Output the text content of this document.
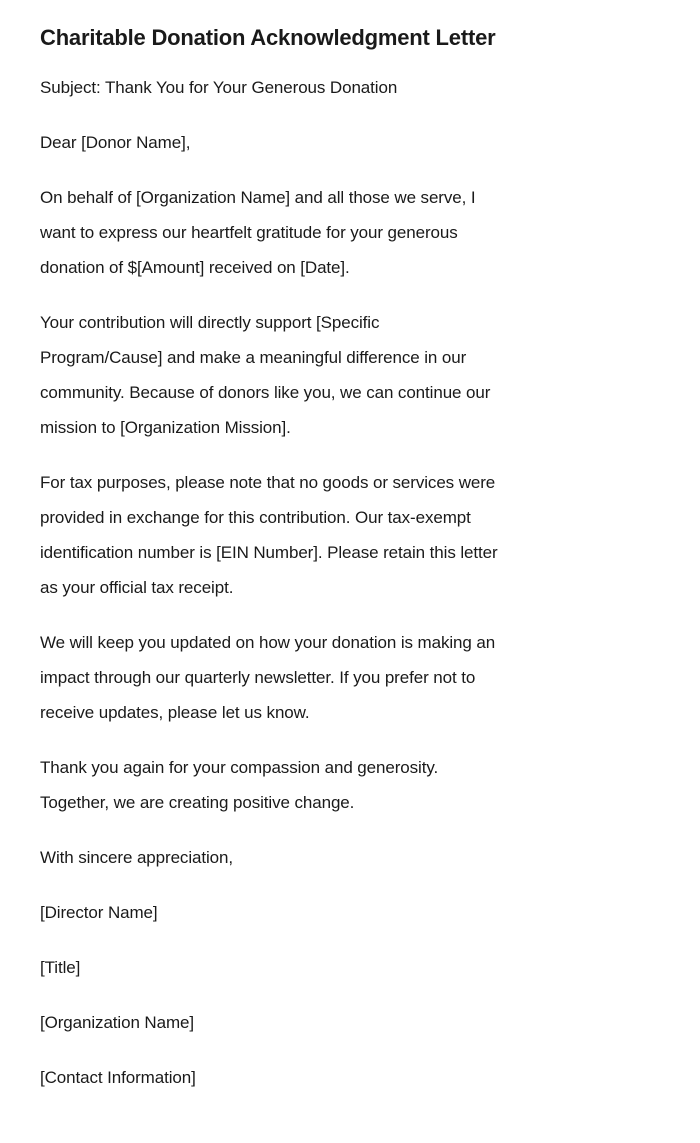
Charitable Donation Acknowledgment Letter
Subject: Thank You for Your Generous Donation
Dear [Donor Name],
On behalf of [Organization Name] and all those we serve, I
want to express our heartfelt gratitude for your generous
donation of $[Amount] received on [Date].
Your contribution will directly support [Specific
Program/Cause] and make a meaningful difference in our
community. Because of donors like you, we can continue our
mission to [Organization Mission].
For tax purposes, please note that no goods or services were
provided in exchange for this contribution. Our tax-exempt
identification number is [EIN Number]. Please retain this letter
as your official tax receipt.
We will keep you updated on how your donation is making an
impact through our quarterly newsletter. If you prefer not to
receive updates, please let us know.
Thank you again for your compassion and generosity.
Together, we are creating positive change.
With sincere appreciation,
[Director Name]
[Title]
[Organization Name]
[Contact Information]
